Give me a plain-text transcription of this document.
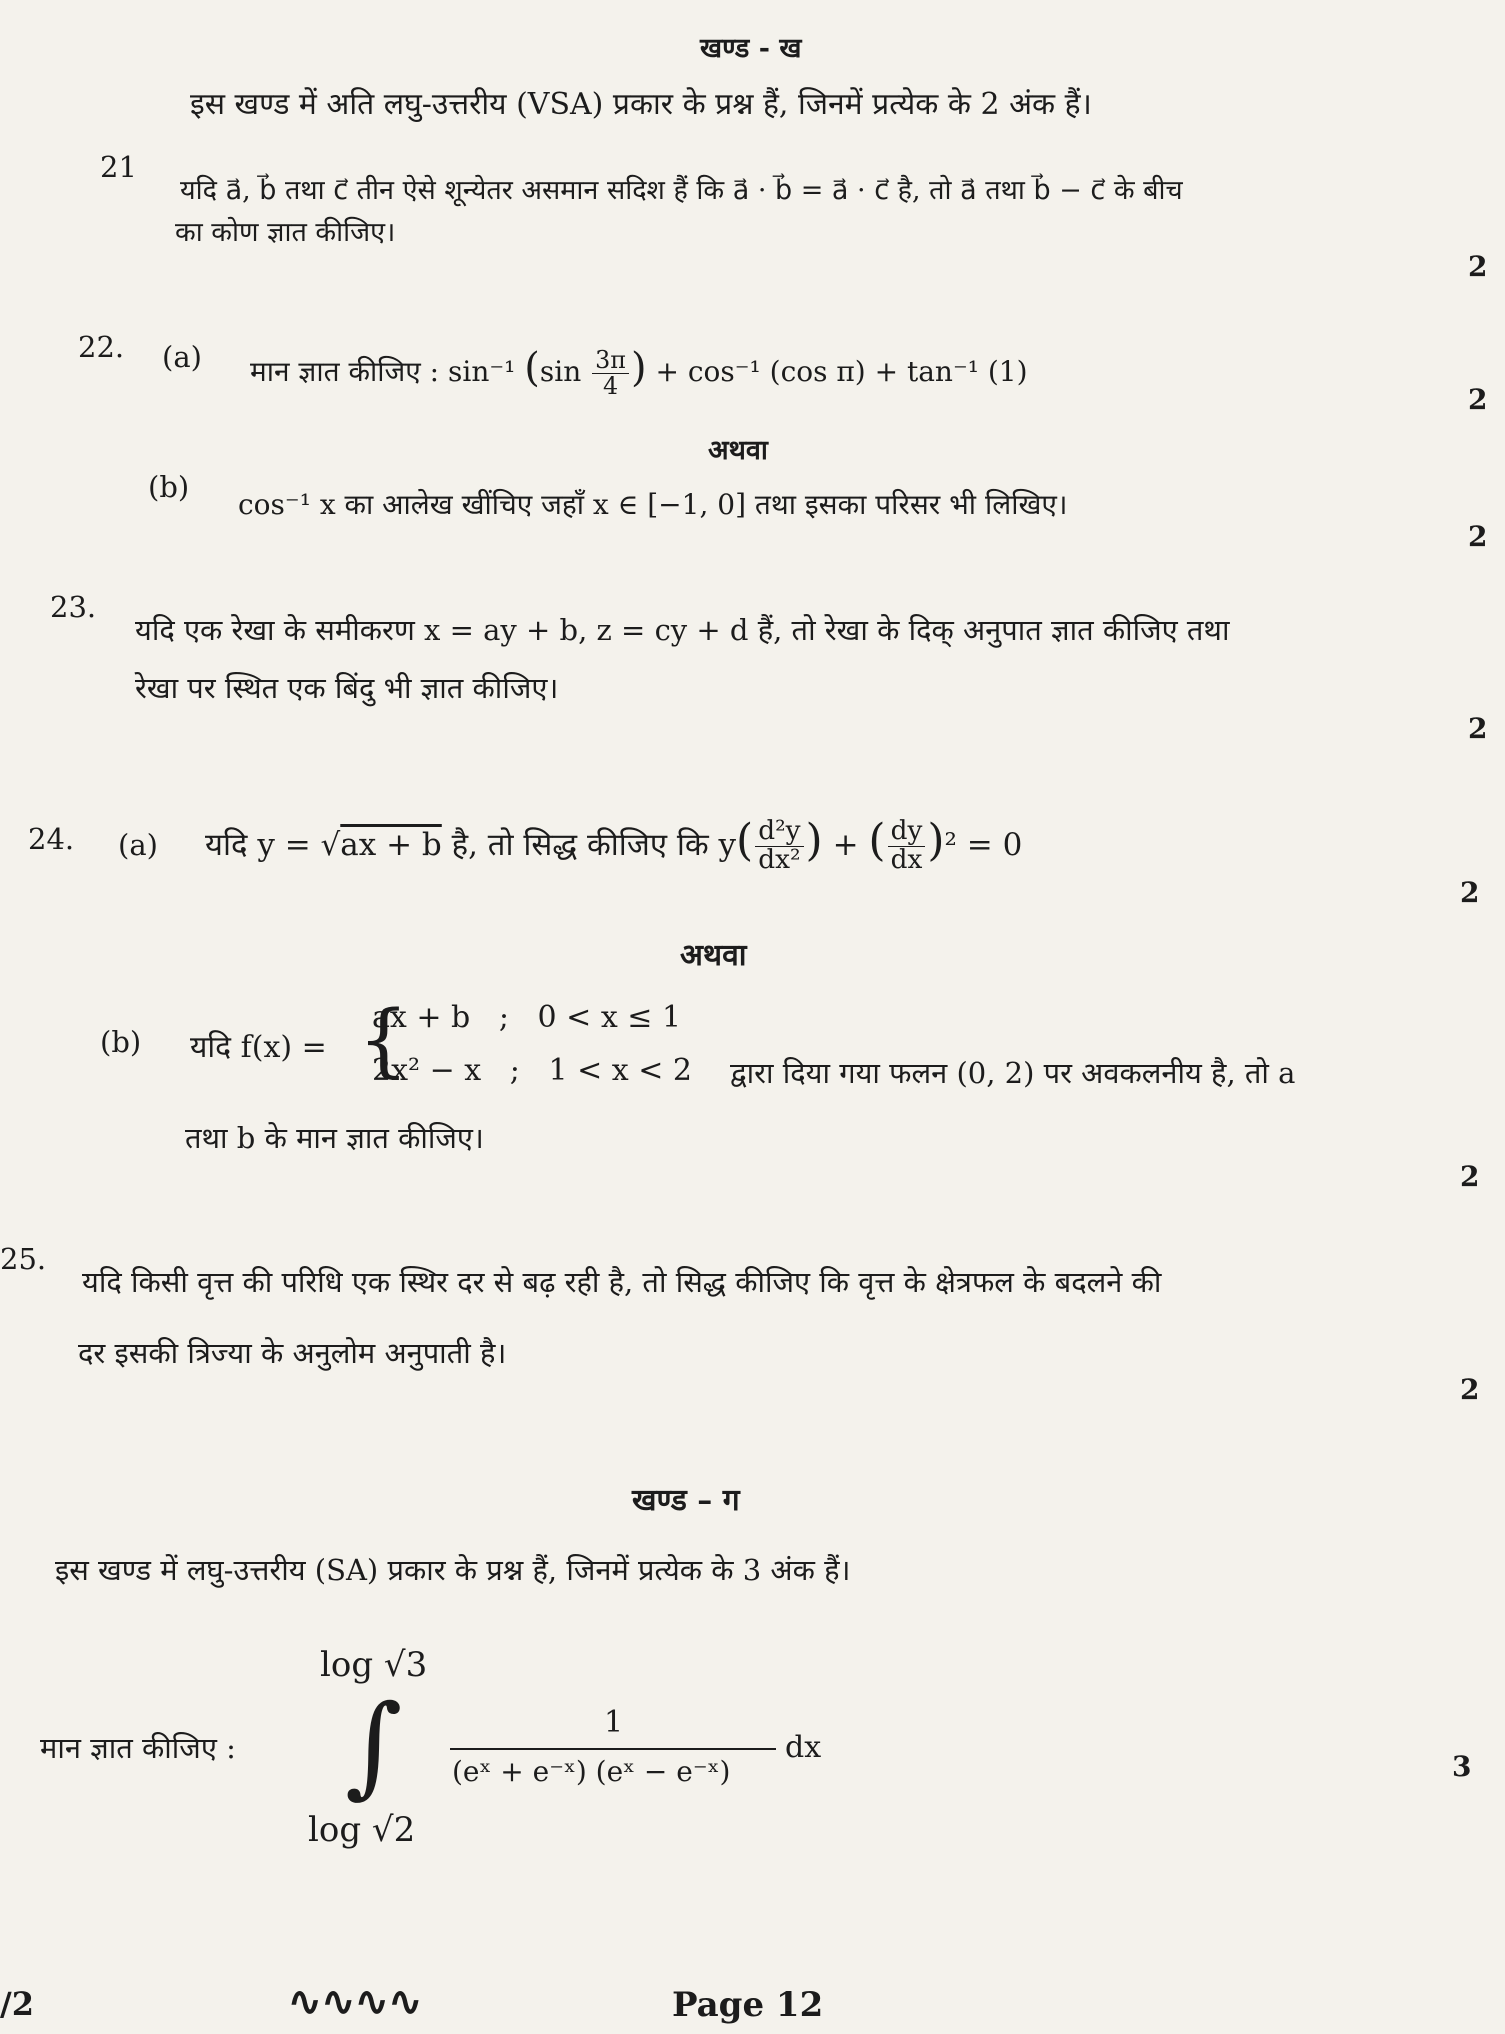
खण्ड - ख
इस खण्ड में अति लघु-उत्तरीय (VSA) प्रकार के प्रश्न हैं, जिनमें प्रत्येक के 2 अंक हैं।
21
यदि a⃗, b⃗ तथा c⃗ तीन ऐसे शून्येतर असमान सदिश हैं कि a⃗ · b⃗ = a⃗ · c⃗ है, तो a⃗ तथा b⃗ − c⃗ के बीच
का कोण ज्ञात कीजिए।
2
22. (a) मान ज्ञात कीजिए : sin⁻¹ ($\sin \frac{3\pi}{4}$ ) + cos⁻¹ (cos π) + tan⁻¹ (1)
2
अथवा
(b)
cos⁻¹ x का आलेख खींचिए जहाँ x ∈ [−1, 0] तथा इसका परिसर भी लिखिए।
2
23.
यदि एक रेखा के समीकरण x = ay + b, z = cy + d हैं, तो रेखा के दिक् अनुपात ज्ञात कीजिए तथा
रेखा पर स्थित एक बिंदु भी ज्ञात कीजिए।
2
24. (a) यदि y = √ax + b है, तो सिद्ध कीजिए कि $y( \frac{\text{d²y}}{\text{dx²}}$ ) + ( $\frac{dy}{dx} )^2 = 0$
2
अथवा
(b) यदि f(x) = {
ax + b   ;   0 < x ≤ 1
2x² − x   ;   1 < x < 2 द्वारा दिया गया फलन (0, 2) पर अवकलनीय है, तो a
तथा b के मान ज्ञात कीजिए।
2
25.
यदि किसी वृत्त की परिधि एक स्थिर दर से बढ़ रही है, तो सिद्ध कीजिए कि वृत्त के क्षेत्रफल के बदलने की
दर इसकी त्रिज्या के अनुलोम अनुपाती है।
2
खण्ड – ग
इस खण्ड में लघु-उत्तरीय (SA) प्रकार के प्रश्न हैं, जिनमें प्रत्येक के 3 अंक हैं।
मान ज्ञात कीजिए :
log √3
∫
log √2
1
(eˣ + e⁻ˣ) (eˣ − e⁻ˣ)
dx
3
/2	∿∿∿∿	Page 12
